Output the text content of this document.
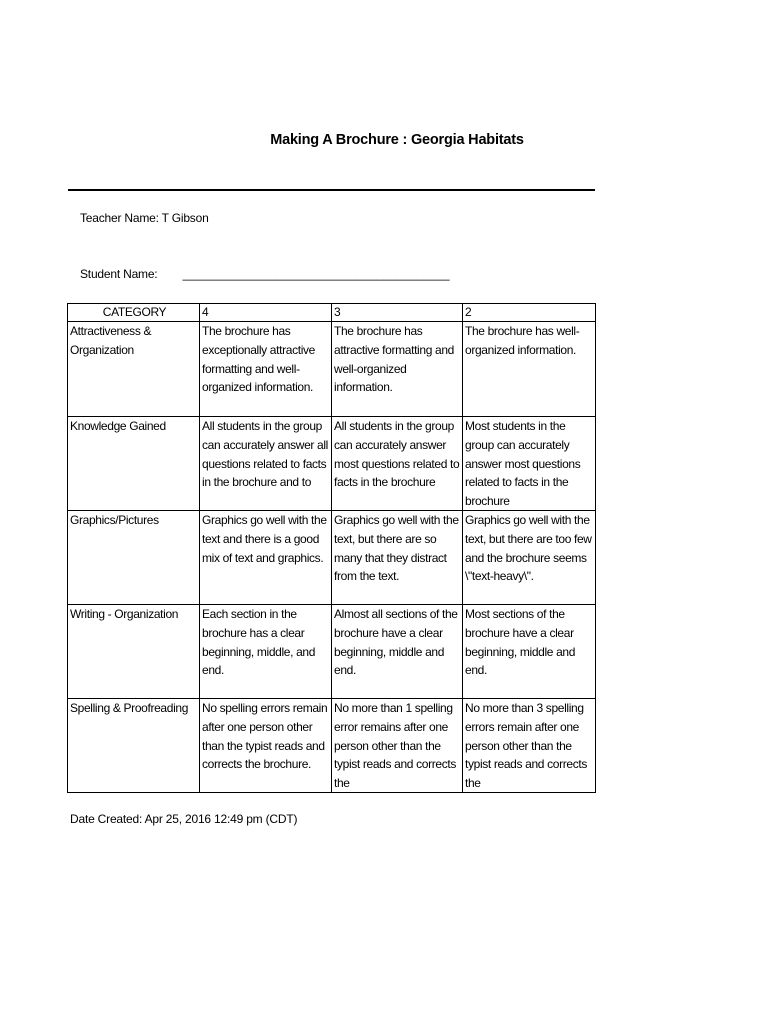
Making A Brochure : Georgia Habitats
Teacher Name: T Gibson
Student Name: ________________________________________
CATEGORY	4	3	2

Attractiveness & Organization	The brochure has exceptionally attractive formatting and well-organized information.	The brochure has attractive formatting and well-organized information.	The brochure has well-organized information.

Knowledge Gained	All students in the group can accurately answer all questions related to facts in the brochure and to	All students in the group can accurately answer most questions related to facts in the brochure	Most students in the group can accurately answer most questions related to facts in the brochure

Graphics/Pictures	Graphics go well with the text and there is a good mix of text and graphics.	Graphics go well with the text, but there are so many that they distract from the text.	Graphics go well with the text, but there are too few and the brochure seems \"text-heavy\".

Writing - Organization	Each section in the brochure has a clear beginning, middle, and end.	Almost all sections of the brochure have a clear beginning, middle and end.	Most sections of the brochure have a clear beginning, middle and end.

Spelling & Proofreading	No spelling errors remain after one person other than the typist reads and corrects the brochure.	No more than 1 spelling error remains after one person other than the typist reads and corrects the	No more than 3 spelling errors remain after one person other than the typist reads and corrects the
Date Created: Apr 25, 2016 12:49 pm (CDT)
